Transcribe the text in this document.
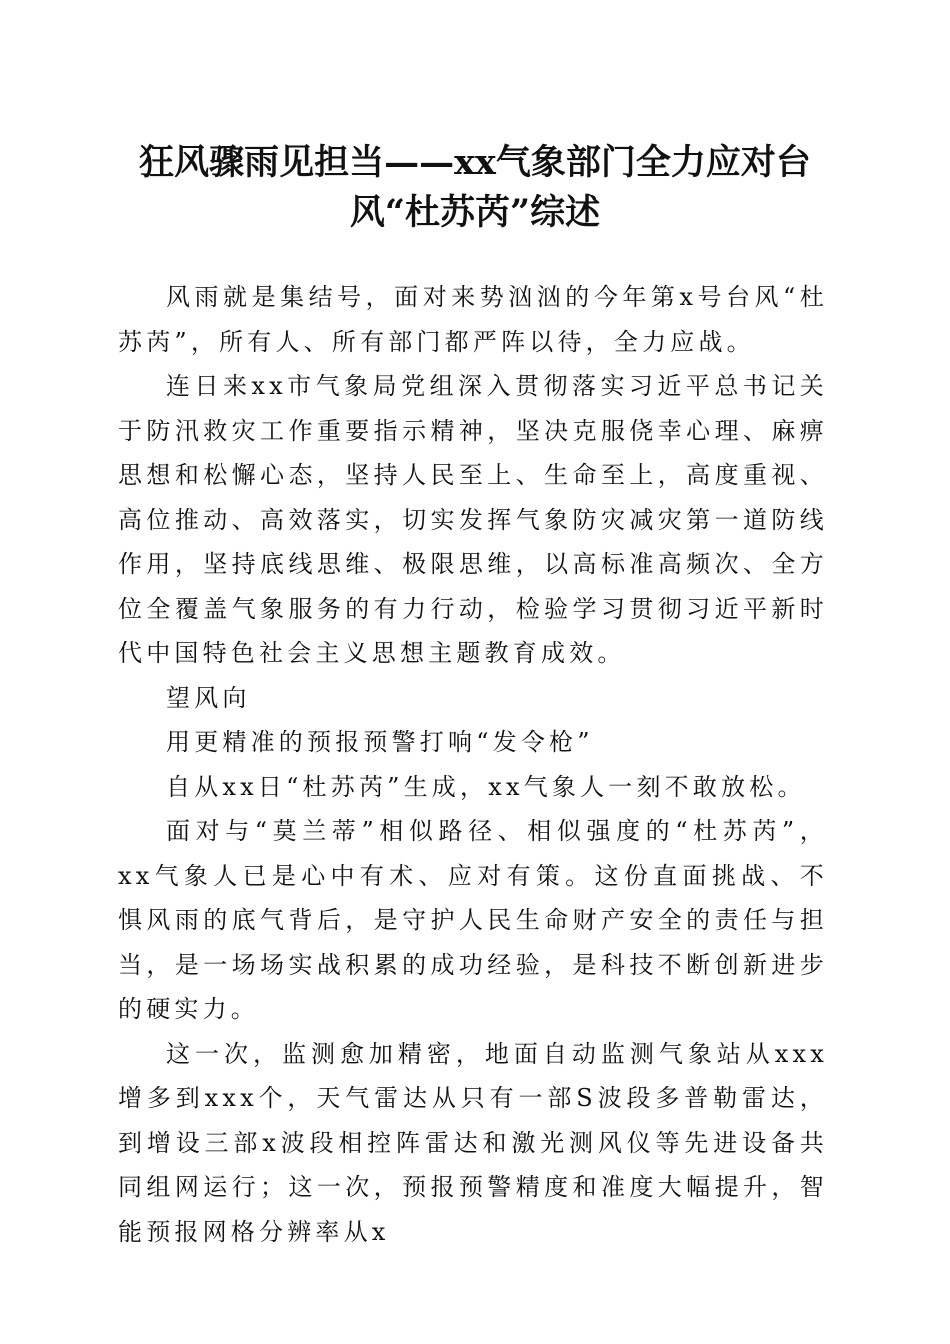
狂风骤雨见担当——xx气象部门全力应对台
风“杜苏芮”综述

风雨就是集结号，面对来势汹汹的今年第x号台风“杜苏芮”，所有人、所有部门都严阵以待，全力应战。

连日来xx市气象局党组深入贯彻落实习近平总书记关于防汛救灾工作重要指示精神，坚决克服侥幸心理、麻痹思想和松懈心态，坚持人民至上、生命至上，高度重视、高位推动、高效落实，切实发挥气象防灾减灾第一道防线作用，坚持底线思维、极限思维，以高标准高频次、全方位全覆盖气象服务的有力行动，检验学习贯彻习近平新时代中国特色社会主义思想主题教育成效。

望风向

用更精准的预报预警打响“发令枪”

自从xx日“杜苏芮”生成，xx气象人一刻不敢放松。

面对与“莫兰蒂”相似路径、相似强度的“杜苏芮”，xx气象人已是心中有术、应对有策。这份直面挑战、不惧风雨的底气背后，是守护人民生命财产安全的责任与担当，是一场场实战积累的成功经验，是科技不断创新进步的硬实力。

这一次，监测愈加精密，地面自动监测气象站从xxx增多到xxx个，天气雷达从只有一部S波段多普勒雷达，到增设三部x波段相控阵雷达和激光测风仪等先进设备共同组网运行；这一次，预报预警精度和准度大幅提升，智能预报网格分辨率从x
